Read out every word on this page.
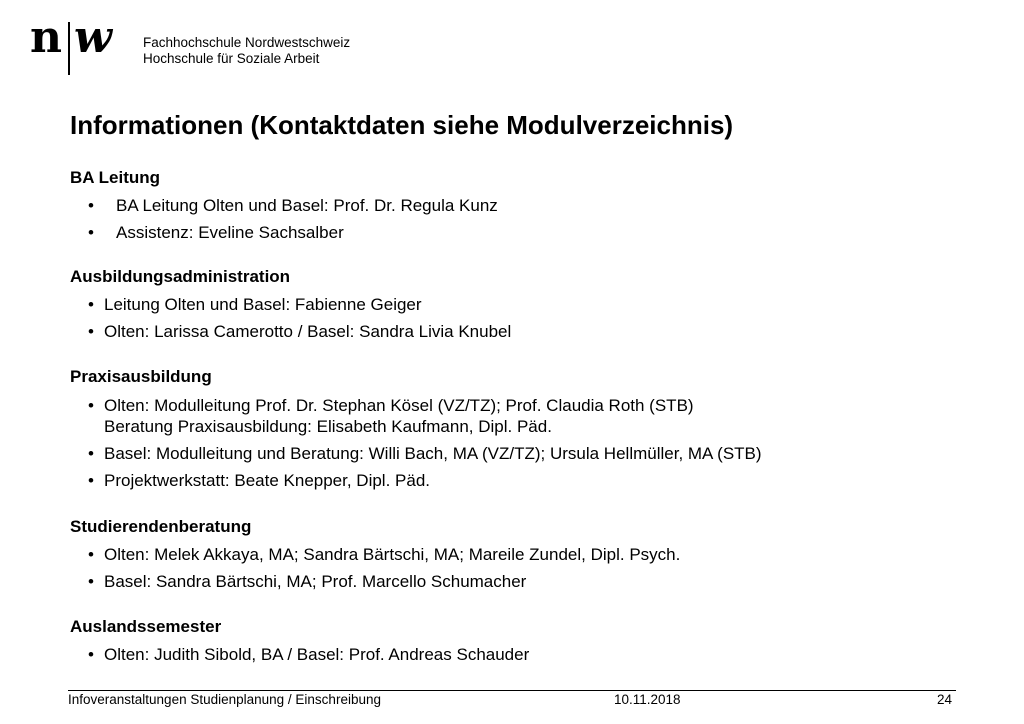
n w Fachhochschule Nordwestschweiz
Hochschule für Soziale Arbeit
Informationen (Kontaktdaten siehe Modulverzeichnis)
BA Leitung
• BA Leitung Olten und Basel: Prof. Dr. Regula Kunz
• Assistenz: Eveline Sachsalber
Ausbildungsadministration
• Leitung Olten und Basel: Fabienne Geiger
• Olten: Larissa Camerotto / Basel: Sandra Livia Knubel
Praxisausbildung
• Olten: Modulleitung Prof. Dr. Stephan Kösel (VZ/TZ); Prof. Claudia Roth (STB)
Beratung Praxisausbildung: Elisabeth Kaufmann, Dipl. Päd.
• Basel: Modulleitung und Beratung: Willi Bach, MA (VZ/TZ); Ursula Hellmüller, MA (STB)
• Projektwerkstatt: Beate Knepper, Dipl. Päd.
Studierendenberatung
• Olten: Melek Akkaya, MA; Sandra Bärtschi, MA; Mareile Zundel, Dipl. Psych.
• Basel: Sandra Bärtschi, MA; Prof. Marcello Schumacher
Auslandssemester
• Olten: Judith Sibold, BA / Basel: Prof. Andreas Schauder
Infoveranstaltungen Studienplanung / Einschreibung	10.11.2018	24
